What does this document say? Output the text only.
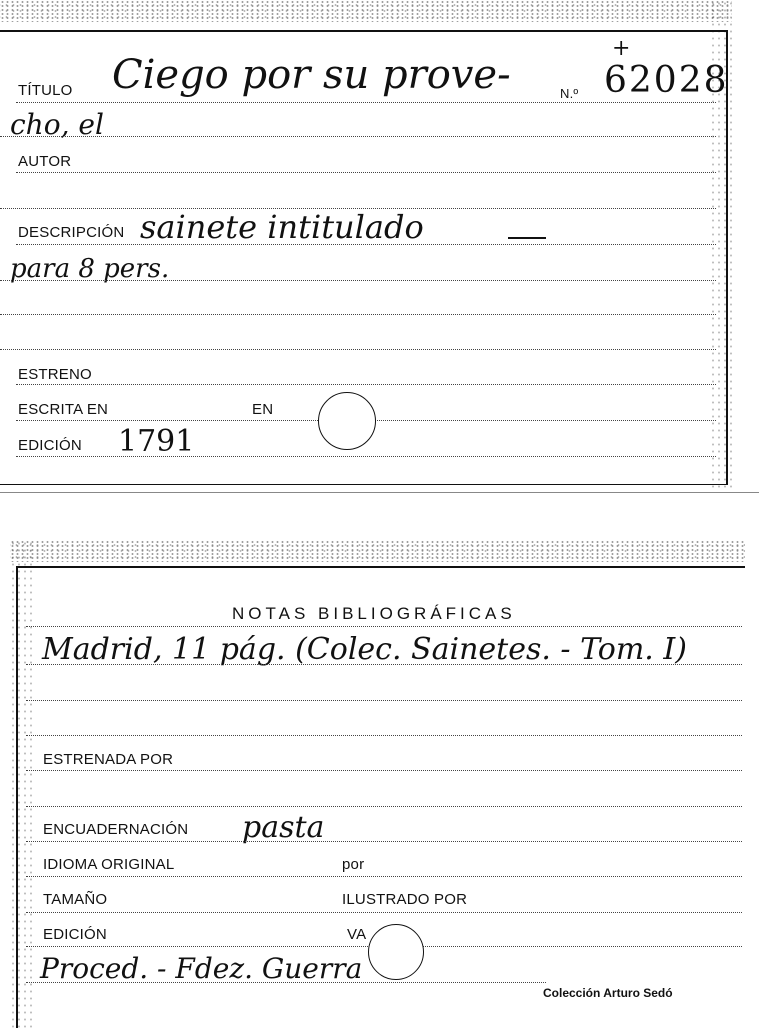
+
TÍTULO Ciego por su prove-	N.º 62028
cho, el
AUTOR
DESCRIPCIÓN sainete intitulado
para 8 pers.
ESTRENO
ESCRITA EN	EN
EDICIÓN 1791
NOTAS BIBLIOGRÁFICAS
Madrid, 11 pág. (Colec. Sainetes. - Tom. I)
ESTRENADA POR
ENCUADERNACIÓN pasta
IDIOMA ORIGINAL	por
TAMAÑO	ILUSTRADO POR
EDICIÓN	VA
Proced. - Fdez. Guerra
Colección Arturo Sedó
